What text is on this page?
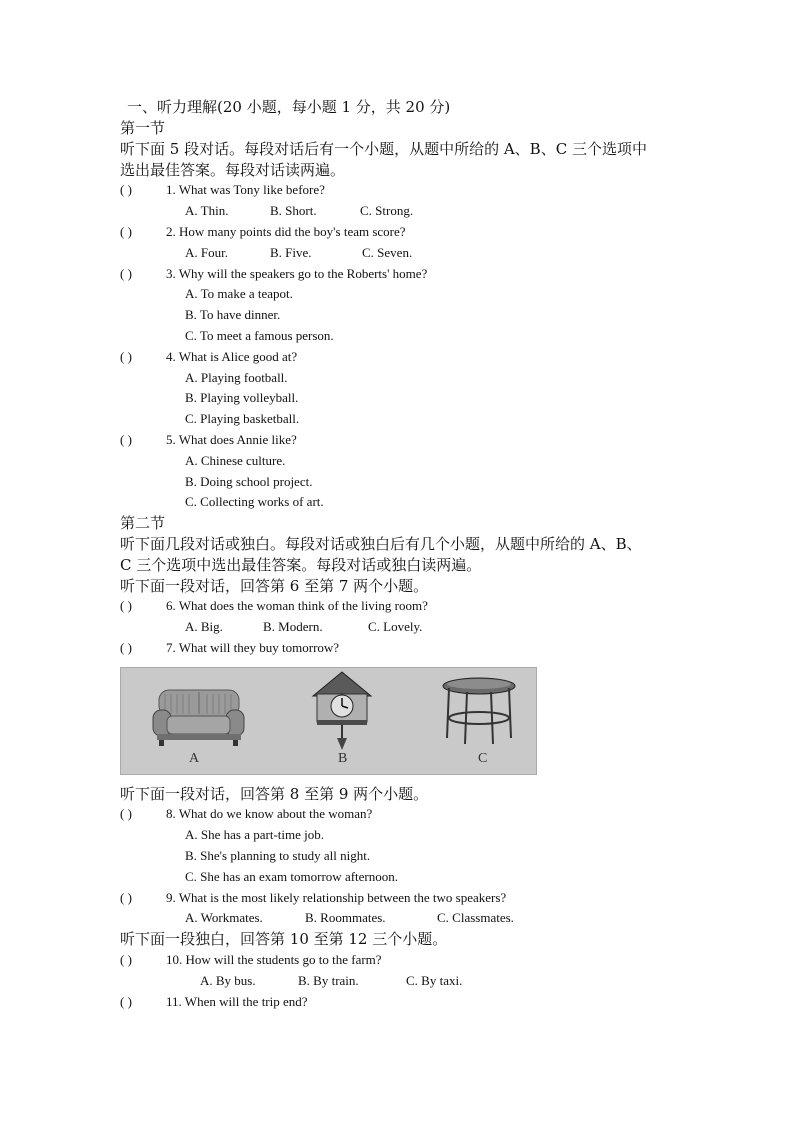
一、听力理解(20 小题，每小题 1 分，共 20 分)
第一节
听下面 5 段对话。每段对话后有一个小题，从题中所给的 A、B、C 三个选项中
选出最佳答案。每段对话读两遍。
( )	1. What was Tony like before?
A. Thin.	B. Short.	C. Strong.
( )	2. How many points did the boy's team score?
A. Four.	B. Five.	C. Seven.
( )	3. Why will the speakers go to the Roberts' home?
A. To make a teapot.
B. To have dinner.
C. To meet a famous person.
( )	4. What is Alice good at?
A. Playing football.
B. Playing volleyball.
C. Playing basketball.
( )	5. What does Annie like?
A. Chinese culture.
B. Doing school project.
C. Collecting works of art.
第二节
听下面几段对话或独白。每段对话或独白后有几个小题，从题中所给的 A、B、
C 三个选项中选出最佳答案。每段对话或独白读两遍。
听下面一段对话，回答第 6 至第 7 两个小题。
( )	6. What does the woman think of the living room?
A. Big.	B. Modern.	C. Lovely.
( )	7. What will they buy tomorrow?
A	B	C
听下面一段对话，回答第 8 至第 9 两个小题。
( )	8. What do we know about the woman?
A. She has a part-time job.
B. She's planning to study all night.
C. She has an exam tomorrow afternoon.
( )	9. What is the most likely relationship between the two speakers?
A. Workmates.	B. Roommates.	C. Classmates.
听下面一段独白，回答第 10 至第 12 三个小题。
( )	10. How will the students go to the farm?
A. By bus.	B. By train.	C. By taxi.
( )	11. When will the trip end?
